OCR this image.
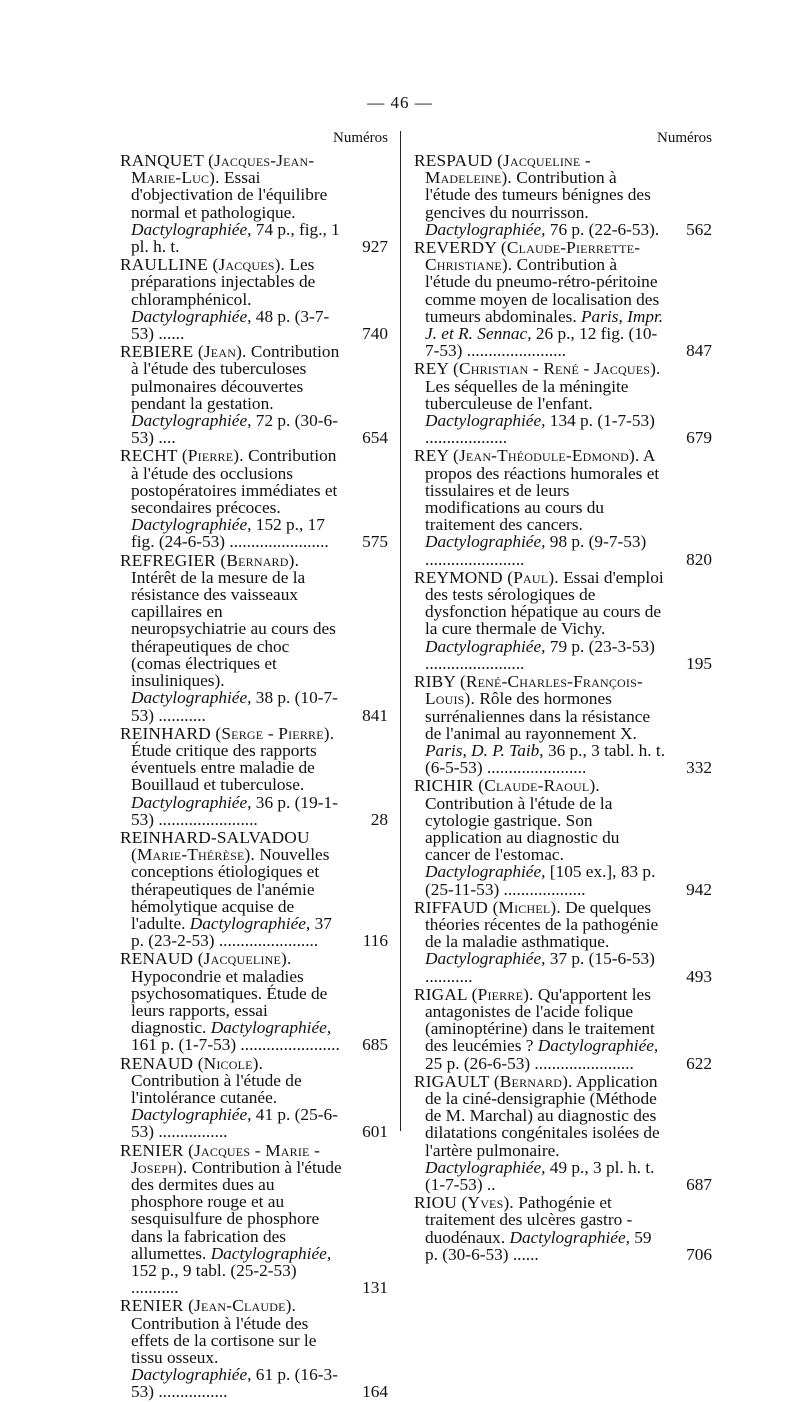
— 46 —
Numéros
RANQUET (Jacques-Jean-Marie-Luc). Essai d'objectivation de l'équilibre normal et pathologique. Dactylographiée, 74 p., fig., 1 pl. h. t.	927
RAULLINE (Jacques). Les préparations injectables de chloramphénicol. Dactylographiée, 48 p. (3-7-53) ......	740
REBIERE (Jean). Contribution à l'étude des tuberculoses pulmonaires découvertes pendant la gestation. Dactylographiée, 72 p. (30-6-53) ....	654
RECHT (Pierre). Contribution à l'étude des occlusions postopératoires immédiates et secondaires précoces. Dactylographiée, 152 p., 17 fig. (24-6-53) .......................	575
REFREGIER (Bernard). Intérêt de la mesure de la résistance des vaisseaux capillaires en neuropsychiatrie au cours des thérapeutiques de choc (comas électriques et insuliniques). Dactylographiée, 38 p. (10-7-53) ...........	841
REINHARD (Serge - Pierre). Étude critique des rapports éventuels entre maladie de Bouillaud et tuberculose. Dactylographiée, 36 p. (19-1-53) .......................	28
REINHARD-SALVADOU (Marie-Thérèse). Nouvelles conceptions étiologiques et thérapeutiques de l'anémie hémolytique acquise de l'adulte. Dactylographiée, 37 p. (23-2-53) .......................	116
RENAUD (Jacqueline). Hypocondrie et maladies psychosomatiques. Étude de leurs rapports, essai diagnostic. Dactylographiée, 161 p. (1-7-53) .......................	685
RENAUD (Nicole). Contribution à l'étude de l'intolérance cutanée. Dactylographiée, 41 p. (25-6-53) ................	601
RENIER (Jacques - Marie - Joseph). Contribution à l'étude des dermites dues au phosphore rouge et au sesquisulfure de phosphore dans la fabrication des allumettes. Dactylographiée, 152 p., 9 tabl. (25-2-53) ...........	131
RENIER (Jean-Claude). Contribution à l'étude des effets de la cortisone sur le tissu osseux. Dactylographiée, 61 p. (16-3-53) ................	164
Numéros
RESPAUD (Jacqueline - Madeleine). Contribution à l'étude des tumeurs bénignes des gencives du nourrisson. Dactylographiée, 76 p. (22-6-53).	562
REVERDY (Claude-Pierrette-Christiane). Contribution à l'étude du pneumo-rétro-péritoine comme moyen de localisation des tumeurs abdominales. Paris, Impr. J. et R. Sennac, 26 p., 12 fig. (10-7-53) .......................	847
REY (Christian - René - Jacques). Les séquelles de la méningite tuberculeuse de l'enfant. Dactylographiée, 134 p. (1-7-53) ...................	679
REY (Jean-Théodule-Edmond). A propos des réactions humorales et tissulaires et de leurs modifications au cours du traitement des cancers. Dactylographiée, 98 p. (9-7-53) .......................	820
REYMOND (Paul). Essai d'emploi des tests sérologiques de dysfonction hépatique au cours de la cure thermale de Vichy. Dactylographiée, 79 p. (23-3-53) .......................	195
RIBY (René-Charles-François-Louis). Rôle des hormones surrénaliennes dans la résistance de l'animal au rayonnement X. Paris, D. P. Taib, 36 p., 3 tabl. h. t. (6-5-53) .......................	332
RICHIR (Claude-Raoul). Contribution à l'étude de la cytologie gastrique. Son application au diagnostic du cancer de l'estomac. Dactylographiée, [105 ex.], 83 p. (25-11-53) ...................	942
RIFFAUD (Michel). De quelques théories récentes de la pathogénie de la maladie asthmatique. Dactylographiée, 37 p. (15-6-53) ...........	493
RIGAL (Pierre). Qu'apportent les antagonistes de l'acide folique (aminoptérine) dans le traitement des leucémies ? Dactylographiée, 25 p. (26-6-53) .......................	622
RIGAULT (Bernard). Application de la ciné-densigraphie (Méthode de M. Marchal) au diagnostic des dilatations congénitales isolées de l'artère pulmonaire. Dactylographiée, 49 p., 3 pl. h. t. (1-7-53) ..	687
RIOU (Yves). Pathogénie et traitement des ulcères gastro - duodénaux. Dactylographiée, 59 p. (30-6-53) ......	706
